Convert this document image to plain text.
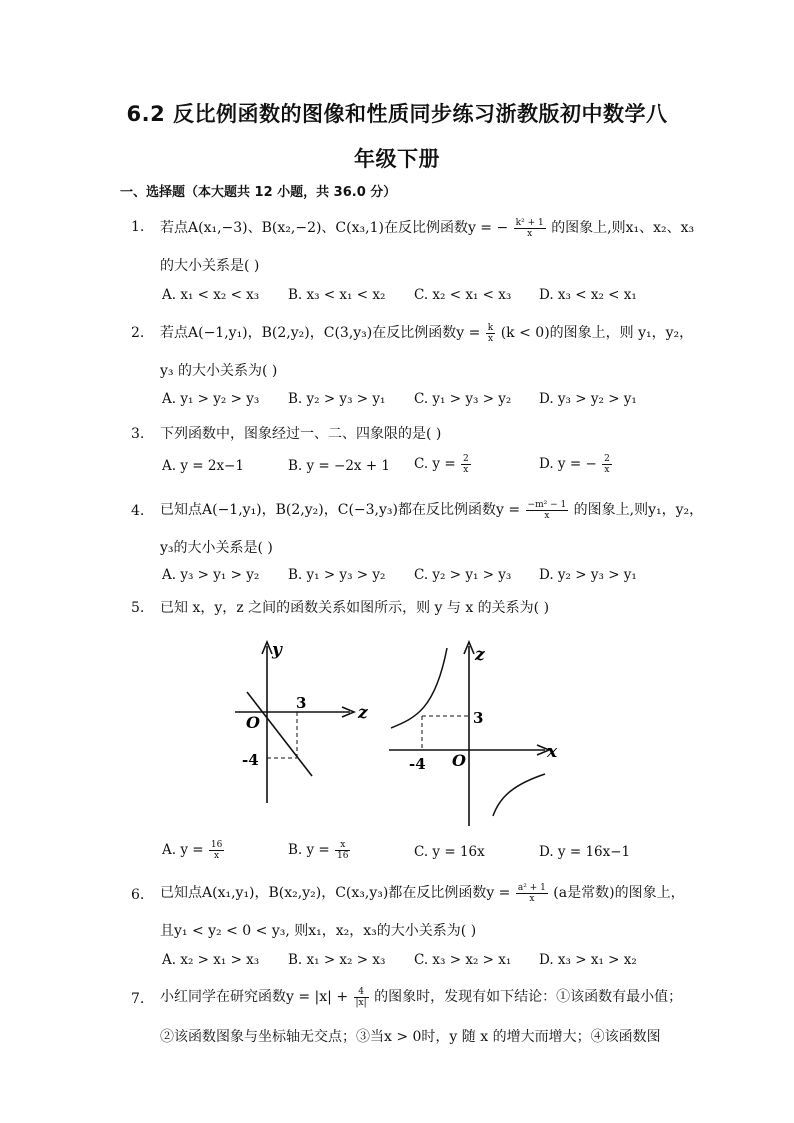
6.2 反比例函数的图像和性质同步练习浙教版初中数学八
年级下册
一、选择题（本大题共 12 小题，共 36.0 分）
1. 若点A(x₁,−3)、B(x₂,−2)、C(x₃,1)在反比例函数y = − $\frac{\text{k² + 1}}{x}$ 的图象上,则x₁、x₂、x₃
的大小关系是( )
A. x₁ < x₂ < x₃ B. x₃ < x₁ < x₂ C. x₂ < x₁ < x₃ D. x₃ < x₂ < x₁
2. 若点A(−1,y₁)，B(2,y₂)，C(3,y₃)在反比例函数$y = \frac{k}{x} (k < 0)$的图象上，则 y₁，y₂，
y₃ 的大小关系为( )
A. y₁ > y₂ > y₃ B. y₂ > y₃ > y₁ C. y₁ > y₃ > y₂ D. y₃ > y₂ > y₁
3. 下列函数中，图象经过一、二、四象限的是( )
A. y = 2x−1	B. y = −2x + 1 C. $y = \frac{2}{x}$	D. y = − $\frac{2}{x}$
4. 已知点A(−1,y₁)，B(2,y₂)，C(−3,y₃)都在反比例函数$y = \frac{\text{−m² − 1}}{x}$ 的图象上,则y₁，y₂，
y₃的大小关系是( )
A. y₃ > y₁ > y₂ B. y₁ > y₃ > y₂ C. y₂ > y₁ > y₃ D. y₂ > y₃ > y₁
5. 已知 x，y，z 之间的函数关系如图所示，则 y 与 x 的关系为( )
y
z
O
3
-4
z
x
O
-4
3
A. $y = \frac{16}{x}$	B. $y = \frac{x}{16}$	C. y = 16x	D. y = 16x−1
6. 已知点A(x₁,y₁)，B(x₂,y₂)，C(x₃,y₃)都在反比例函数$y = \frac{\text{a² + 1}}{x} (a$是常数)的图象上，
且y₁ < y₂ < 0 < y₃, 则x₁，x₂，x₃的大小关系为( )
A. x₂ > x₁ > x₃ B. x₁ > x₂ > x₃ C. x₃ > x₂ > x₁ D. x₃ > x₁ > x₂
7. 小红同学在研究函数$y = |x| + \frac{4}{|x|}$ 的图象时，发现有如下结论：①该函数有最小值；
②该函数图象与坐标轴无交点；③当x > 0时，y 随 x 的增大而增大；④该函数图
